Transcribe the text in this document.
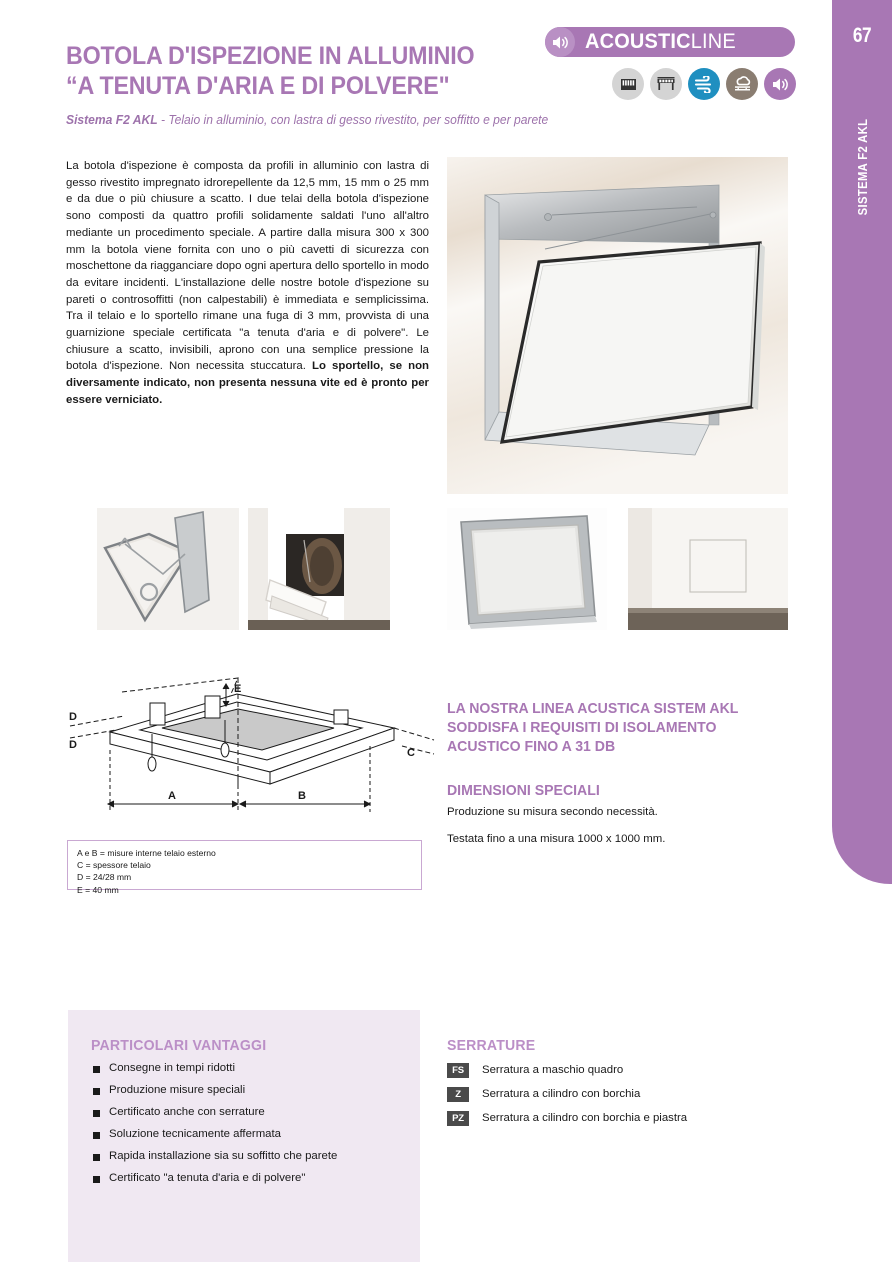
67
SISTEMA F2 AKL
BOTOLA D'ISPEZIONE IN ALLUMINIO
“A TENUTA D'ARIA E DI POLVERE"
Sistema F2 AKL - Telaio in alluminio, con lastra di gesso rivestito, per soffitto e per parete
ACOUSTICLINE
La botola d'ispezione è composta da profili in alluminio con lastra di gesso rivestito impregnato idrorepellente da 12,5 mm, 15 mm o 25 mm e da due o più chiusure a scatto. I due telai della botola d'ispezione sono composti da quattro profili solidamente saldati l'uno all'altro mediante un procedimento speciale. A partire dalla misura 300 x 300 mm la botola viene fornita con uno o più cavetti di sicurezza con moschettone da riagganciare dopo ogni apertura dello sportello in modo da evitare incidenti. L'installazione delle nostre botole d'ispezione su pareti o controsoffitti (non calpestabili) è immediata e semplicissima. Tra il telaio e lo sportello rimane una fuga di 3 mm, provvista di una guarnizione speciale certificata "a tenuta d'aria e di polvere". Le chiusure a scatto, invisibili, aprono con una semplice pressione la botola d'ispezione. Non necessita stuccatura. Lo sportello, se non diversamente indicato, non presenta nessuna vite ed è pronto per essere verniciato.
D
D
C
E
A	B
A e B = misure interne telaio esterno
C = spessore telaio
D = 24/28 mm
E = 40 mm
LA NOSTRA LINEA ACUSTICA SISTEM AKL SODDISFA I REQUISITI DI ISOLAMENTO ACUSTICO FINO A 31 DB
DIMENSIONI SPECIALI
Produzione su misura secondo necessità.
Testata fino a una misura 1000 x 1000 mm.
PARTICOLARI VANTAGGI
Consegne in tempi ridotti
Produzione misure speciali
Certificato anche con serrature
Soluzione tecnicamente affermata
Rapida installazione sia su soffitto che parete
Certificato "a tenuta d'aria e di polvere"
SERRATURE
FS	Serratura a maschio quadro
Z	Serratura a cilindro con borchia
PZ	Serratura a cilindro con borchia e piastra
